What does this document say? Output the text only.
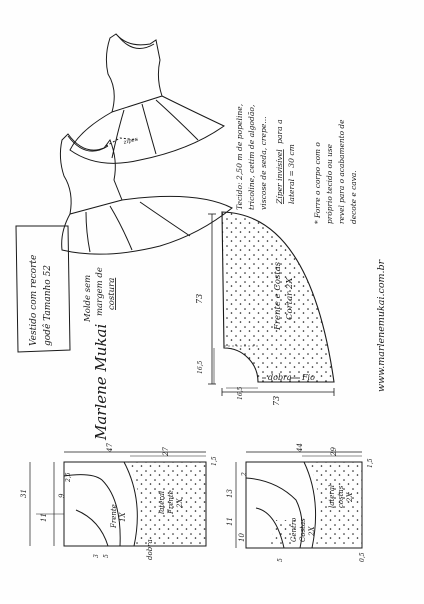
zíper
Vestido com recorte godê Tamanho 52	Molde sem margem de costura
Marlene Mukai
Tecido: 2,50 m de popeline, tricoline, cetim de algodão, viscose de seda, crepe... Zíper invisível para a
lateral = 30 cm * Forre o corpo com o próprio tecido ou use revel para o acabamento de decote e cava.
www.marlenemukai.com.br
Frente e Costas Cortar 2X
dobra Fio
73
73
16,5
16,5
Frente 1X
lateral Frente 2X
dobra
47	27
31
11
9
2,5
1,5
5
3
Centro Costas 2X
lateral costas 2X
44	29
13
2
11
10
1,5
5	0,5
